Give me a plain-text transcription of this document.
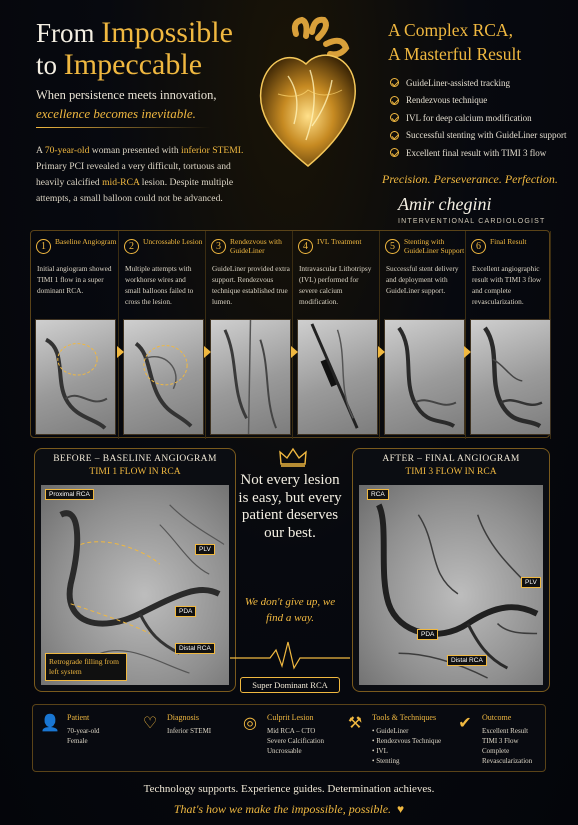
From Impossible
to Impeccable
When persistence meets innovation,
excellence becomes inevitable.
A 70-year-old woman presented with inferior STEMI. Primary PCI revealed a very difficult, tortuous and heavily calcified mid-RCA lesion. Despite multiple attempts, a small balloon could not be advanced.
A Complex RCA,
A Masterful Result
GuideLiner-assisted tracking
Rendezvous technique
IVL for deep calcium modification
Successful stenting with GuideLiner support
Excellent final result with TIMI 3 flow
Precision. Perseverance. Perfection.
Amir chegini
INTERVENTIONAL CARDIOLOGIST
1	Baseline Angiogram
Initial angiogram showed TIMI 1 flow in a super dominant RCA.
2	Uncrossable Lesion
Multiple attempts with workhorse wires and small balloons failed to cross the lesion.
3	Rendezvous with GuideLiner
GuideLiner provided extra support. Rendezvous technique established true lumen.
4	IVL Treatment
Intravascular Lithotripsy (IVL) performed for severe calcium modification.
5	Stenting with GuideLiner Support
Successful stent delivery and deployment with GuideLiner support.
6	Final Result
Excellent angiographic result with TIMI 3 flow and complete revascularization.
BEFORE – BASELINE ANGIOGRAM
TIMI 1 FLOW IN RCA
Proximal RCA
PLV
PDA
Distal RCA
Retrograde filling from left system
Not every lesion is easy, but every patient deserves our best.
We don't give up, we find a way.
Super Dominant RCA
AFTER – FINAL ANGIOGRAM
TIMI 3 FLOW IN RCA
RCA
PLV
PDA
Distal RCA
👤 Patient
70-year-old
Female
♡	Diagnosis
Inferior STEMI ◎	Culprit Lesion
Mid RCA – CTO
Severe Calcification
Uncrossable
⚒	Tools & Techniques
• GuideLiner
• Rendezvous Technique
• IVL
• Stenting
✔	Outcome
Excellent Result
TIMI 3 Flow
Complete
Revascularization
Technology supports. Experience guides. Determination achieves.
That's how we make the impossible, possible. ♥
